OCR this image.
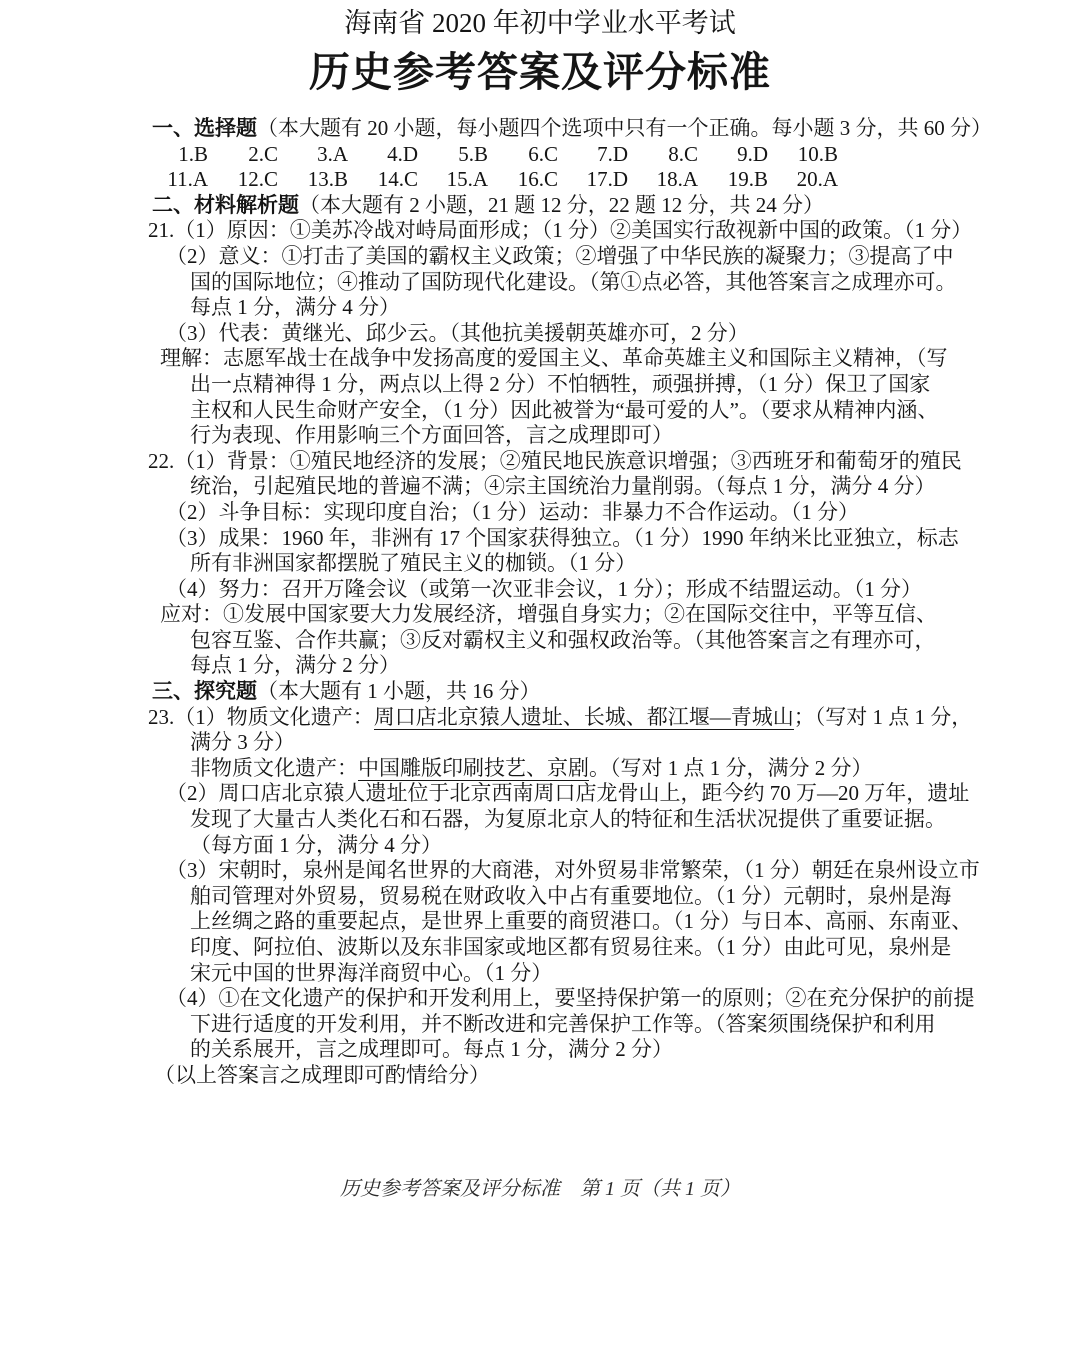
海南省 2020 年初中学业水平考试
历史参考答案及评分标准
一、选择题（本大题有 20 小题，每小题四个选项中只有一个正确。每小题 3 分，共 60 分）
1.B 2.C 3.A 4.D 5.B 6.C 7.D 8.C 9.D 10.B
11.A 12.C 13.B 14.C 15.A 16.C 17.D 18.A 19.B 20.A
二、材料解析题（本大题有 2 小题，21 题 12 分，22 题 12 分，共 24 分）
21.（1）原因：①美苏冷战对峙局面形成；（1 分）②美国实行敌视新中国的政策。（1 分）
（2）意义：①打击了美国的霸权主义政策；②增强了中华民族的凝聚力；③提高了中
国的国际地位；④推动了国防现代化建设。（第①点必答，其他答案言之成理亦可。
每点 1 分，满分 4 分）
（3）代表：黄继光、邱少云。（其他抗美援朝英雄亦可，2 分）
理解：志愿军战士在战争中发扬高度的爱国主义、革命英雄主义和国际主义精神，（写
出一点精神得 1 分，两点以上得 2 分）不怕牺牲，顽强拼搏，（1 分）保卫了国家
主权和人民生命财产安全，（1 分）因此被誉为“最可爱的人”。（要求从精神内涵、
行为表现、作用影响三个方面回答，言之成理即可）
22.（1）背景：①殖民地经济的发展；②殖民地民族意识增强；③西班牙和葡萄牙的殖民
统治，引起殖民地的普遍不满；④宗主国统治力量削弱。（每点 1 分，满分 4 分）
（2）斗争目标：实现印度自治；（1 分）运动：非暴力不合作运动。（1 分）
（3）成果：1960 年，非洲有 17 个国家获得独立。（1 分）1990 年纳米比亚独立，标志
所有非洲国家都摆脱了殖民主义的枷锁。（1 分）
（4）努力：召开万隆会议（或第一次亚非会议，1 分）；形成不结盟运动。（1 分）
应对：①发展中国家要大力发展经济，增强自身实力；②在国际交往中，平等互信、
包容互鉴、合作共赢；③反对霸权主义和强权政治等。（其他答案言之有理亦可，
每点 1 分，满分 2 分）
三、探究题（本大题有 1 小题，共 16 分）
23.（1）物质文化遗产：周口店北京猿人遗址、长城、都江堰—青城山；（写对 1 点 1 分，
满分 3 分）
非物质文化遗产：中国雕版印刷技艺、京剧。（写对 1 点 1 分，满分 2 分）
（2）周口店北京猿人遗址位于北京西南周口店龙骨山上，距今约 70 万—20 万年，遗址
发现了大量古人类化石和石器，为复原北京人的特征和生活状况提供了重要证据。
（每方面 1 分，满分 4 分）
（3）宋朝时，泉州是闻名世界的大商港，对外贸易非常繁荣，（1 分）朝廷在泉州设立市
舶司管理对外贸易，贸易税在财政收入中占有重要地位。（1 分）元朝时，泉州是海
上丝绸之路的重要起点，是世界上重要的商贸港口。（1 分）与日本、高丽、东南亚、
印度、阿拉伯、波斯以及东非国家或地区都有贸易往来。（1 分）由此可见，泉州是
宋元中国的世界海洋商贸中心。（1 分）
（4）①在文化遗产的保护和开发利用上，要坚持保护第一的原则；②在充分保护的前提
下进行适度的开发利用，并不断改进和完善保护工作等。（答案须围绕保护和利用
的关系展开，言之成理即可。每点 1 分，满分 2 分）
（以上答案言之成理即可酌情给分）
历史参考答案及评分标准　第 1 页（共 1 页）
